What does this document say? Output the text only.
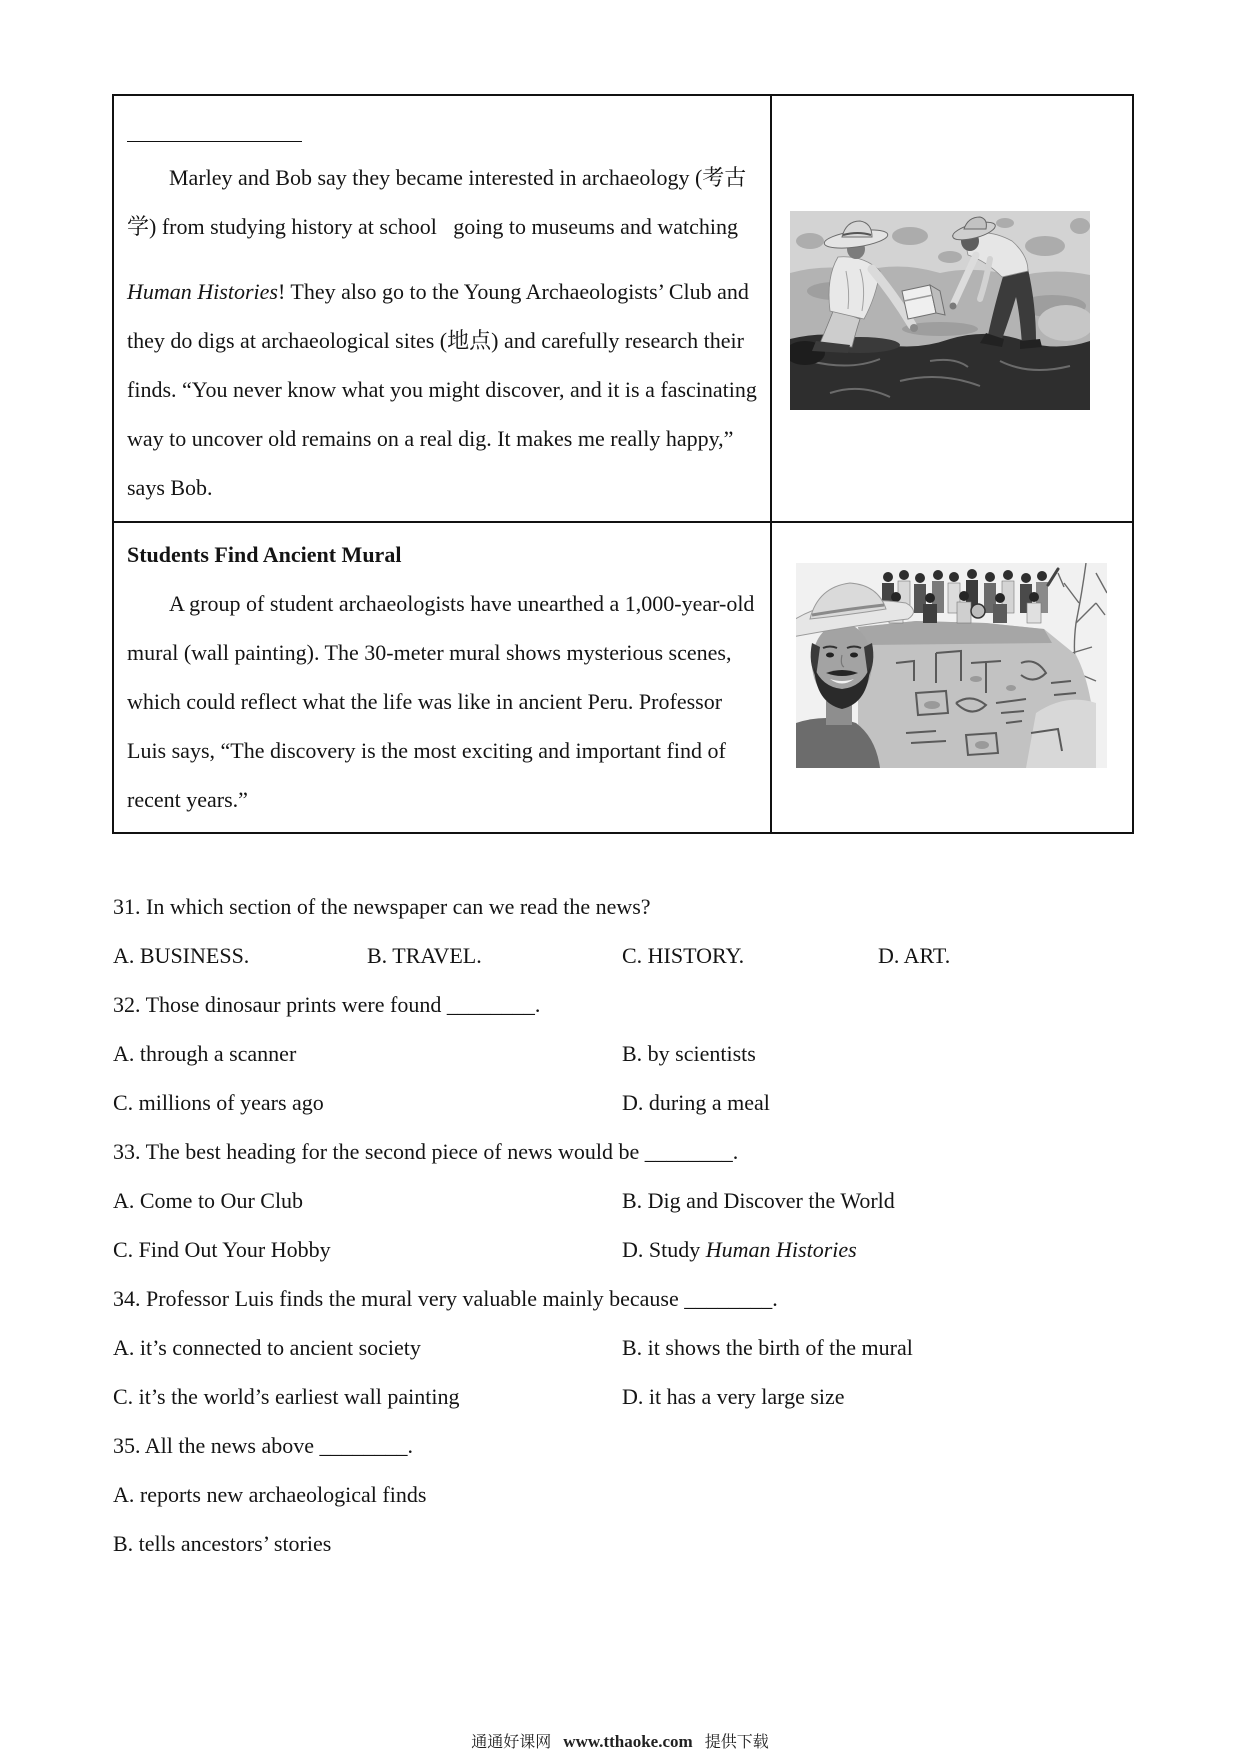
Marley and Bob say they became interested in archaeology (考古
学) from studying history at school   going to museums and watching
Human Histories! They also go to the Young Archaeologists’ Club and
they do digs at archaeological sites (地点) and carefully research their
finds. “You never know what you might discover, and it is a fascinating
way to uncover old remains on a real dig. It makes me really happy,”
says Bob.
Students Find Ancient Mural
A group of student archaeologists have unearthed a 1,000-year-old
mural (wall painting). The 30-meter mural shows mysterious scenes,
which could reflect what the life was like in ancient Peru. Professor
Luis says, “The discovery is the most exciting and important find of
recent years.”
31. In which section of the newspaper can we read the news?
A. BUSINESS.	B. TRAVEL.	C. HISTORY.	D. ART.
32. Those dinosaur prints were found ________.
A. through a scanner	B. by scientists
C. millions of years ago	D. during a meal
33. The best heading for the second piece of news would be ________.
A. Come to Our Club	B. Dig and Discover the World
C. Find Out Your Hobby	D. Study Human Histories
34. Professor Luis finds the mural very valuable mainly because ________.
A. it’s connected to ancient society	B. it shows the birth of the mural
C. it’s the world’s earliest wall painting	D. it has a very large size
35. All the news above ________.
A. reports new archaeological finds
B. tells ancestors’ stories
通通好课网 www.tthaoke.com 提供下载
